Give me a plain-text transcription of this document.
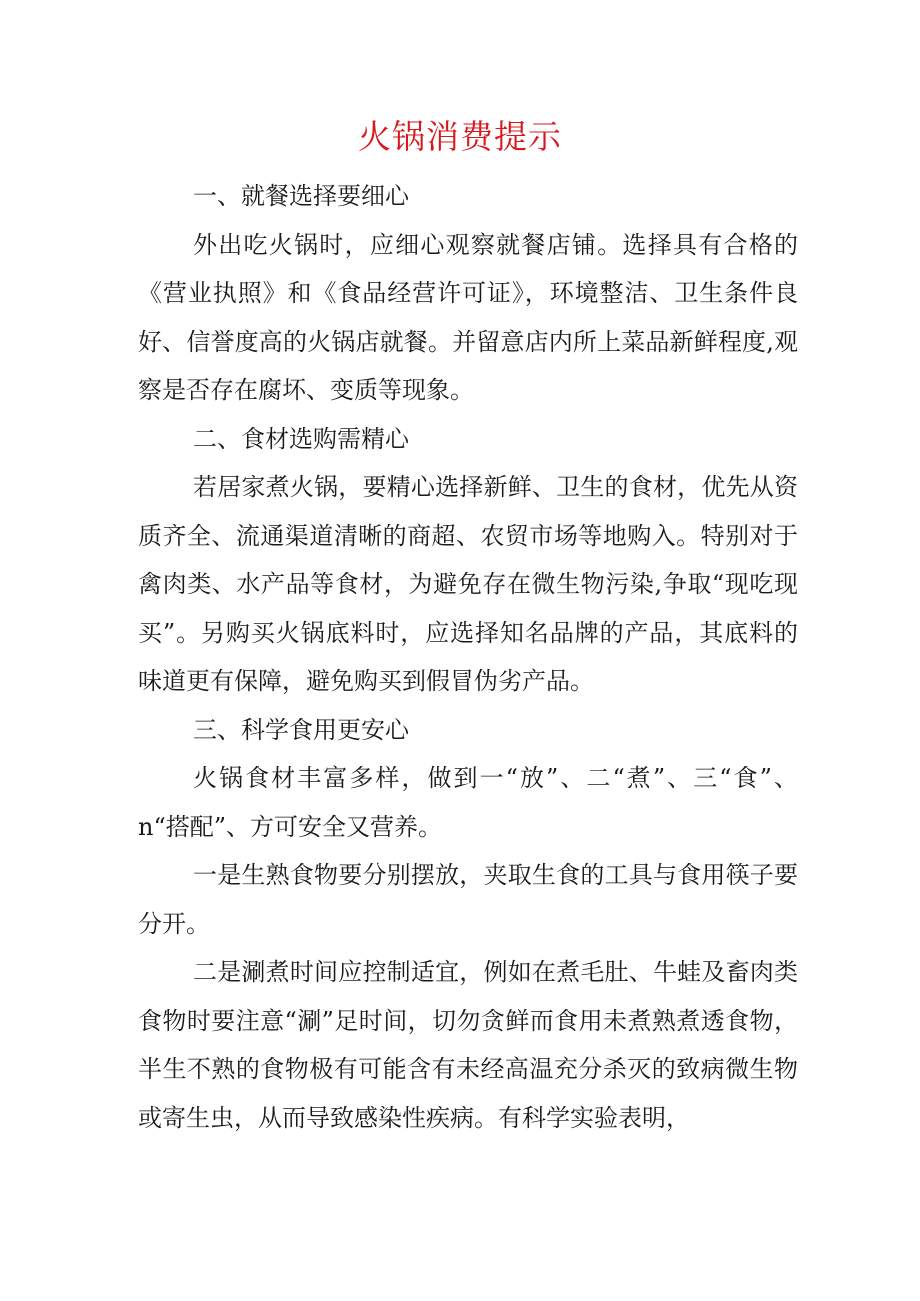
火锅消费提示

一、就餐选择要细心

外出吃火锅时，应细心观察就餐店铺。选择具有合格的《营业执照》和《食品经营许可证》，环境整洁、卫生条件良好、信誉度高的火锅店就餐。并留意店内所上菜品新鲜程度,观察是否存在腐坏、变质等现象。

二、食材选购需精心

若居家煮火锅，要精心选择新鲜、卫生的食材，优先从资质齐全、流通渠道清晰的商超、农贸市场等地购入。特别对于禽肉类、水产品等食材，为避免存在微生物污染,争取“现吃现买”。另购买火锅底料时，应选择知名品牌的产品，其底料的味道更有保障，避免购买到假冒伪劣产品。

三、科学食用更安心

火锅食材丰富多样，做到一“放”、二“煮”、三“食”、n“搭配”、方可安全又营养。

一是生熟食物要分别摆放，夹取生食的工具与食用筷子要分开。

二是涮煮时间应控制适宜，例如在煮毛肚、牛蛙及畜肉类食物时要注意“涮”足时间，切勿贪鲜而食用未煮熟煮透食物，半生不熟的食物极有可能含有未经高温充分杀灭的致病微生物或寄生虫，从而导致感染性疾病。有科学实验表明，
